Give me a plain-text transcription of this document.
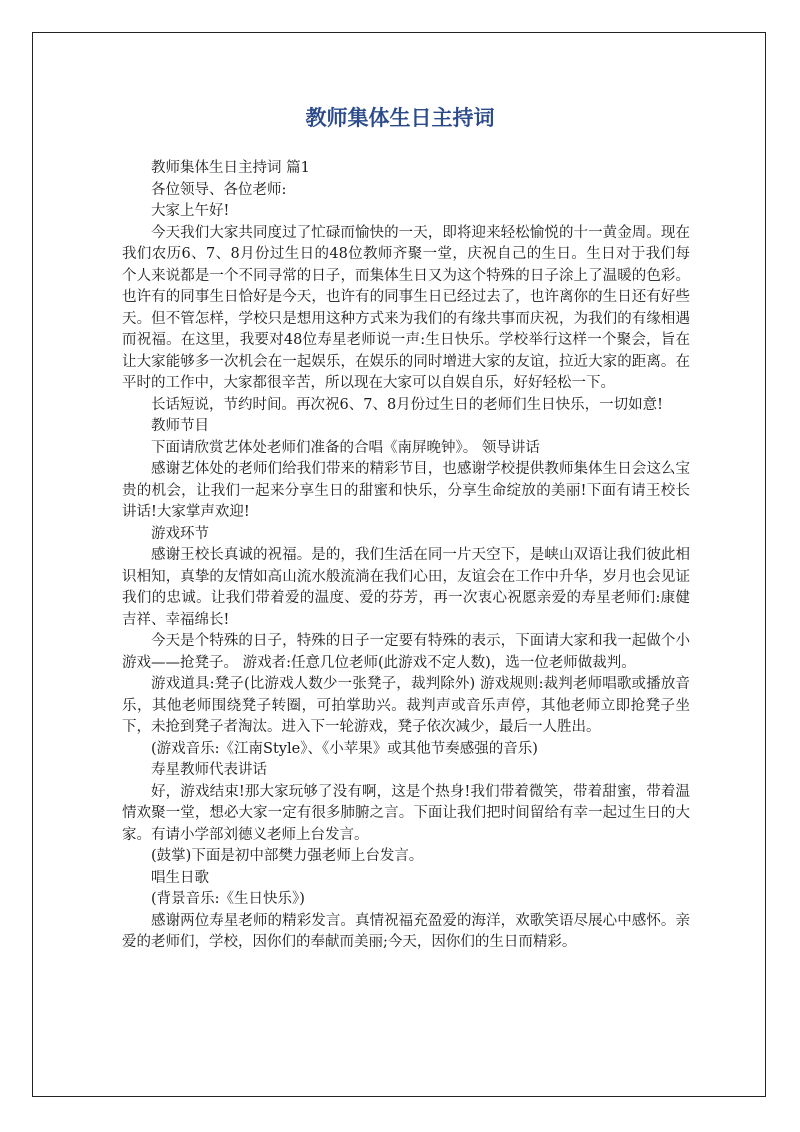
教师集体生日主持词

教师集体生日主持词 篇1

各位领导、各位老师:

大家上午好!

今天我们大家共同度过了忙碌而愉快的一天，即将迎来轻松愉悦的十一黄金周。现在我们农历6、7、8月份过生日的48位教师齐聚一堂，庆祝自己的生日。生日对于我们每个人来说都是一个不同寻常的日子，而集体生日又为这个特殊的日子涂上了温暖的色彩。也许有的同事生日恰好是今天，也许有的同事生日已经过去了，也许离你的生日还有好些天。但不管怎样，学校只是想用这种方式来为我们的有缘共事而庆祝，为我们的有缘相遇而祝福。在这里，我要对48位寿星老师说一声:生日快乐。学校举行这样一个聚会，旨在让大家能够多一次机会在一起娱乐，在娱乐的同时增进大家的友谊，拉近大家的距离。在平时的工作中，大家都很辛苦，所以现在大家可以自娱自乐，好好轻松一下。

长话短说，节约时间。再次祝6、7、8月份过生日的老师们生日快乐，一切如意!

教师节目

下面请欣赏艺体处老师们准备的合唱《南屏晚钟》。 领导讲话

感谢艺体处的老师们给我们带来的精彩节目，也感谢学校提供教师集体生日会这么宝贵的机会，让我们一起来分享生日的甜蜜和快乐，分享生命绽放的美丽!下面有请王校长讲话!大家掌声欢迎!

游戏环节

感谢王校长真诚的祝福。是的，我们生活在同一片天空下，是峡山双语让我们彼此相识相知，真挚的友情如高山流水般流淌在我们心田，友谊会在工作中升华，岁月也会见证我们的忠诚。让我们带着爱的温度、爱的芬芳，再一次衷心祝愿亲爱的寿星老师们:康健吉祥、幸福绵长!

今天是个特殊的日子，特殊的日子一定要有特殊的表示，下面请大家和我一起做个小游戏——抢凳子。 游戏者:任意几位老师(此游戏不定人数)，选一位老师做裁判。

游戏道具:凳子(比游戏人数少一张凳子，裁判除外) 游戏规则:裁判老师唱歌或播放音乐，其他老师围绕凳子转圈，可拍掌助兴。裁判声或音乐声停，其他老师立即抢凳子坐下，未抢到凳子者淘汰。进入下一轮游戏，凳子依次减少，最后一人胜出。

(游戏音乐:《江南Style》、《小苹果》或其他节奏感强的音乐)

寿星教师代表讲话

好，游戏结束!那大家玩够了没有啊，这是个热身!我们带着微笑，带着甜蜜，带着温情欢聚一堂，想必大家一定有很多肺腑之言。下面让我们把时间留给有幸一起过生日的大家。有请小学部刘德义老师上台发言。

(鼓掌)下面是初中部樊力强老师上台发言。

唱生日歌

(背景音乐:《生日快乐》)

感谢两位寿星老师的精彩发言。真情祝福充盈爱的海洋，欢歌笑语尽展心中感怀。亲爱的老师们，学校，因你们的奉献而美丽;今天，因你们的生日而精彩。
